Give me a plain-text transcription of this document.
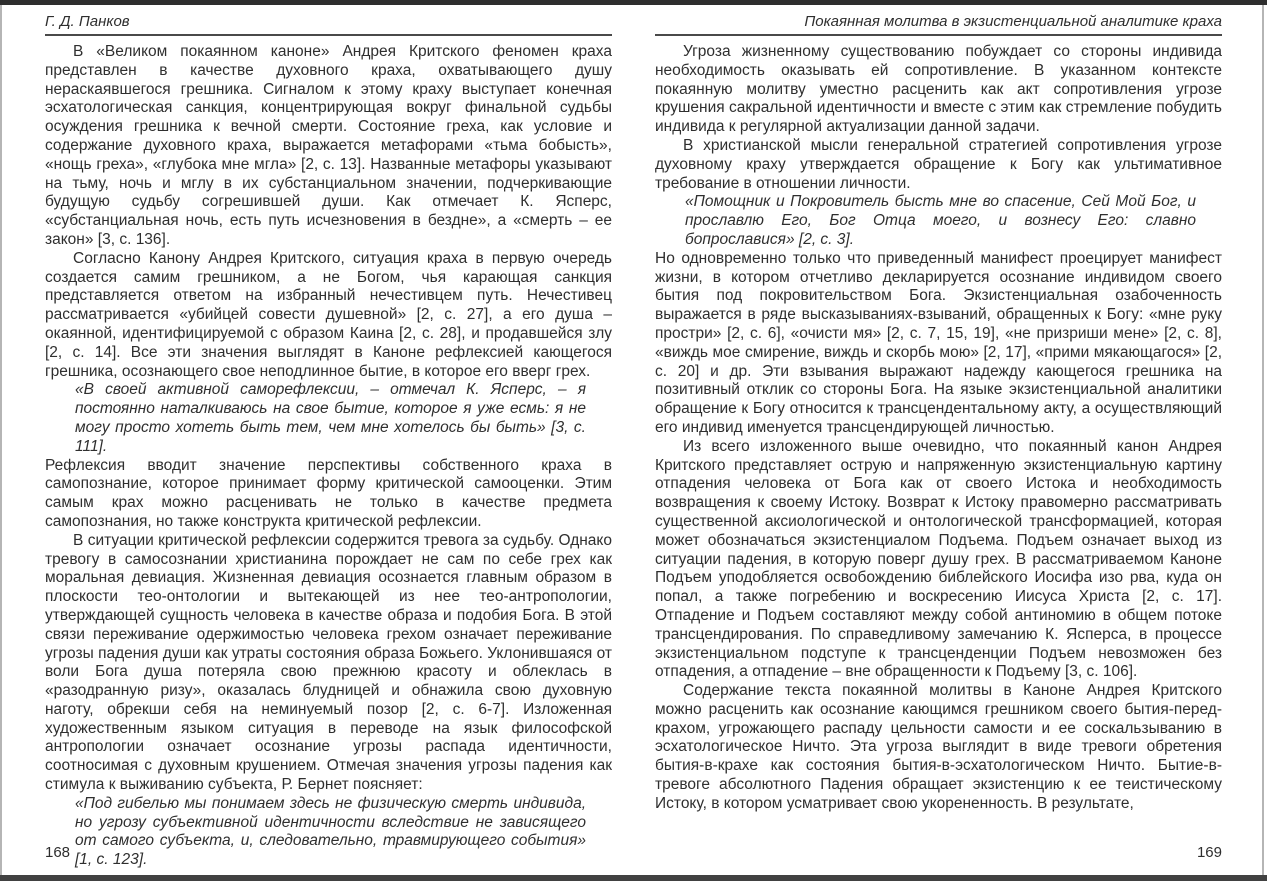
Г. Д. Панков

В «Великом покаянном каноне» Андрея Критского феномен краха представлен в качестве духовного краха, охватывающего душу нераскаявшегося грешника. Сигналом к этому краху выступает конечная эсхатологическая санкция, концентрирующая вокруг финальной судьбы осуждения грешника к вечной смерти. Состояние греха, как условие и содержание духовного краха, выражается метафорами «тьма бобысть», «нощь греха», «глубока мне мгла» [2, с. 13]. Названные метафоры указывают на тьму, ночь и мглу в их субстанциальном значении, подчеркивающие будущую судьбу согрешившей души. Как отмечает К. Ясперс, «субстанциальная ночь, есть путь исчезновения в бездне», а «смерть – ее закон» [3, с. 136].

Согласно Канону Андрея Критского, ситуация краха в первую очередь создается самим грешником, а не Богом, чья карающая санкция представляется ответом на избранный нечестивцем путь. Нечестивец рассматривается «убийцей совести душевной» [2, с. 27], а его душа – окаянной, идентифицируемой с образом Каина [2, с. 28], и продавшейся злу [2, с. 14]. Все эти значения выглядят в Каноне рефлексией кающегося грешника, осознающего свое неподлинное бытие, в которое его вверг грех.

«В своей активной саморефлексии, – отмечал К. Ясперс, – я постоянно наталкиваюсь на свое бытие, которое я уже есмь: я не могу просто хотеть быть тем, чем мне хотелось бы быть» [3, с. 111].

Рефлексия вводит значение перспективы собственного краха в самопознание, которое принимает форму критической самооценки. Этим самым крах можно расценивать не только в качестве предмета самопознания, но также конструкта критической рефлексии.

В ситуации критической рефлексии содержится тревога за судьбу. Однако тревогу в самосознании христианина порождает не сам по себе грех как моральная девиация. Жизненная девиация осознается главным образом в плоскости тео-онтологии и вытекающей из нее тео-антропологии, утверждающей сущность человека в качестве образа и подобия Бога. В этой связи переживание одержимостью человека грехом означает переживание угрозы падения души как утраты состояния образа Божьего. Уклонившаяся от воли Бога душа потеряла свою прежнюю красоту и облеклась в «разодранную ризу», оказалась блудницей и обнажила свою духовную наготу, обрекши себя на неминуемый позор [2, с. 6-7]. Изложенная художественным языком ситуация в переводе на язык философской антропологии означает осознание угрозы распада идентичности, соотносимая с духовным крушением. Отмечая значения угрозы падения как стимула к выживанию субъекта, Р. Бернет поясняет:

«Под гибелью мы понимаем здесь не физическую смерть индивида, но угрозу субъективной идентичности вследствие не зависящего от самого субъекта, и, следовательно, травмирующего события» [1, с. 123].

Покаянная молитва в экзистенциальной аналитике краха

Угроза жизненному существованию побуждает со стороны индивида необходимость оказывать ей сопротивление. В указанном контексте покаянную молитву уместно расценить как акт сопротивления угрозе крушения сакральной идентичности и вместе с этим как стремление побудить индивида к регулярной актуализации данной задачи.

В христианской мысли генеральной стратегией сопротивления угрозе духовному краху утверждается обращение к Богу как ультимативное требование в отношении личности.

«Помощник и Покровитель бысть мне во спасение, Сей Мой Бог, и прославлю Его, Бог Отца моего, и вознесу Его: славно бопрославися» [2, с. 3].

Но одновременно только что приведенный манифест проецирует манифест жизни, в котором отчетливо декларируется осознание индивидом своего бытия под покровительством Бога. Экзистенциальная озабоченность выражается в ряде высказываниях-взываний, обращенных к Богу: «мне руку простри» [2, с. 6], «очисти мя» [2, с. 7, 15, 19], «не призриши мене» [2, с. 8], «виждь мое смирение, виждь и скорбь мою» [2, 17], «прими мякающагося» [2, с. 20] и др. Эти взывания выражают надежду кающегося грешника на позитивный отклик со стороны Бога. На языке экзистенциальной аналитики обращение к Богу относится к трансцендентальному акту, а осуществляющий его индивид именуется трансцендирующей личностью.

Из всего изложенного выше очевидно, что покаянный канон Андрея Критского представляет острую и напряженную экзистенциальную картину отпадения человека от Бога как от своего Истока и необходимость возвращения к своему Истоку. Возврат к Истоку правомерно рассматривать существенной аксиологической и онтологической трансформацией, которая может обозначаться экзистенциалом Подъема. Подъем означает выход из ситуации падения, в которую поверг душу грех. В рассматриваемом Каноне Подъем уподобляется освобождению библейского Иосифа изо рва, куда он попал, а также погребению и воскресению Иисуса Христа [2, с. 17]. Отпадение и Подъем составляют между собой антиномию в общем потоке трансцендирования. По справедливому замечанию К. Ясперса, в процессе экзистенциальном подступе к трансценденции Подъем невозможен без отпадения, а отпадение – вне обращенности к Подъему [3, с. 106].

Содержание текста покаянной молитвы в Каноне Андрея Критского можно расценить как осознание кающимся грешником своего бытия-перед-крахом, угрожающего распаду цельности самости и ее соскальзыванию в эсхатологическое Ничто. Эта угроза выглядит в виде тревоги обретения бытия-в-крахе как состояния бытия-в-эсхатологическом Ничто. Бытие-в-тревоге абсолютного Падения обращает экзистенцию к ее теистическому Истоку, в котором усматривает свою укорененность. В результате,

168	169
